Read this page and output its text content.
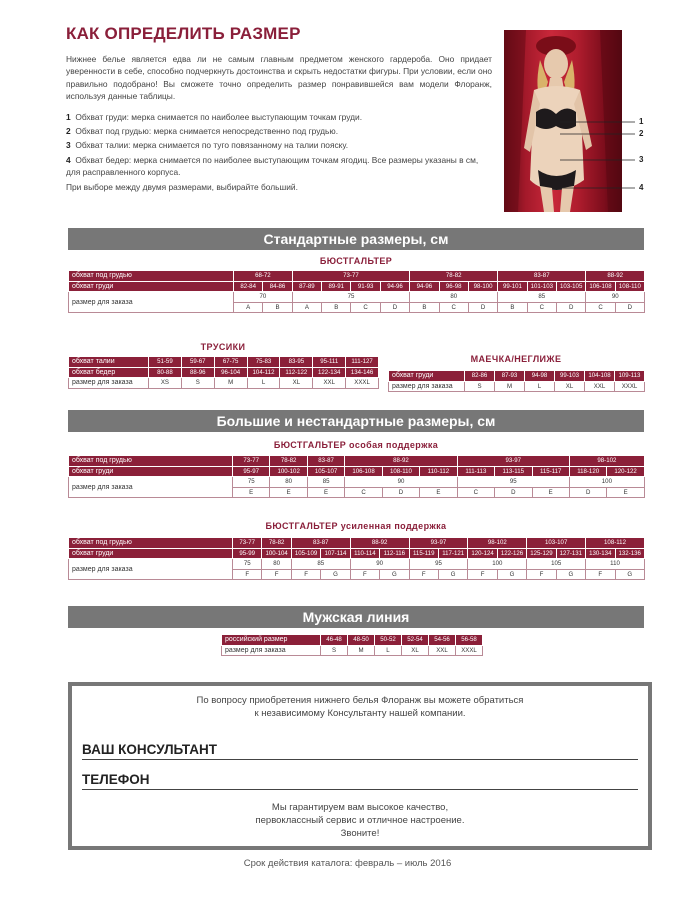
КАК ОПРЕДЕЛИТЬ РАЗМЕР
Нижнее белье является едва ли не самым главным предметом женского гардероба. Оно придает уверенности в себе, способно подчеркнуть достоинства и скрыть недостатки фигуры. При условии, если оно правильно подобрано! Вы сможете точно определить размер понравившейся вам модели Флоранж, используя данные таблицы.
1 Обхват груди: мерка снимается по наиболее выступающим точкам груди.
2 Обхват под грудью: мерка снимается непосредственно под грудью.
3 Обхват талии: мерка снимается по туго повязанному на талии пояску.
4 Обхват бедер: мерка снимается по наиболее выступающим точкам ягодиц. Все размеры указаны в см, для расправленного корпуса.
При выборе между двумя размерами, выбирайте больший.
1
2
3
4
Стандартные размеры, см
БЮСТГАЛЬТЕР
обхват под грудью	68-72		73-77				78-82			83-87			88-92	
обхват груди	82-84	84-86	87-89	89-91	91-93	94-96	94-96	96-98	98-100	99-101	101-103	103-105	106-108	108-110
размер для заказа	70		75				80			85			90	
	A	B	A	B	C	D	B	C	D	B	C	D	C	D
ТРУСИКИ
обхват талии	51-59	59-67	67-75	75-83	83-95	95-111	111-127
обхват бедер	80-88	88-96	96-104	104-112	112-122	122-134	134-146
размер для заказа	XS	S	M	L	XL	XXL	XXXL
МАЕЧКА/НЕГЛИЖЕ
обхват груди	82-86	87-93	94-98	99-103	104-108	109-113
размер для заказа	S	M	L	XL	XXL	XXXL
Большие и нестандартные размеры, см
БЮСТГАЛЬТЕР особая поддержка
обхват под грудью	73-77	78-82	83-87	88-92			93-97			98-102	
обхват груди	95-97	100-102	105-107	106-108	108-110	110-112	111-113	113-115	115-117	118-120	120-122
размер для заказа	75	80	85	90			95			100	
	E	E	E	C	D	E	C	D	E	D	E
БЮСТГАЛЬТЕР усиленная поддержка
обхват под грудью	73-77	78-82	83-87		88-92		93-97		98-102		103-107		108-112	
обхват груди	95-99	100-104	105-109	107-114	110-114	112-116	115-119	117-121	120-124	122-126	125-129	127-131	130-134	132-136
размер для заказа	75	80	85		90		95		100		105		110	
	F	F	F	G	F	G	F	G	F	G	F	G	F	G
Мужская линия
российский размер	46-48	48-50	50-52	52-54	54-56	56-58
размер для заказа	S	M	L	XL	XXL	XXXL
По вопросу приобретения нижнего белья Флоранж вы можете обратиться
к независимому Консультанту нашей компании.
ВАШ КОНСУЛЬТАНТ
ТЕЛЕФОН
Мы гарантируем вам высокое качество,
первоклассный сервис и отличное настроение.
Звоните!
Срок действия каталога: февраль – июль 2016
